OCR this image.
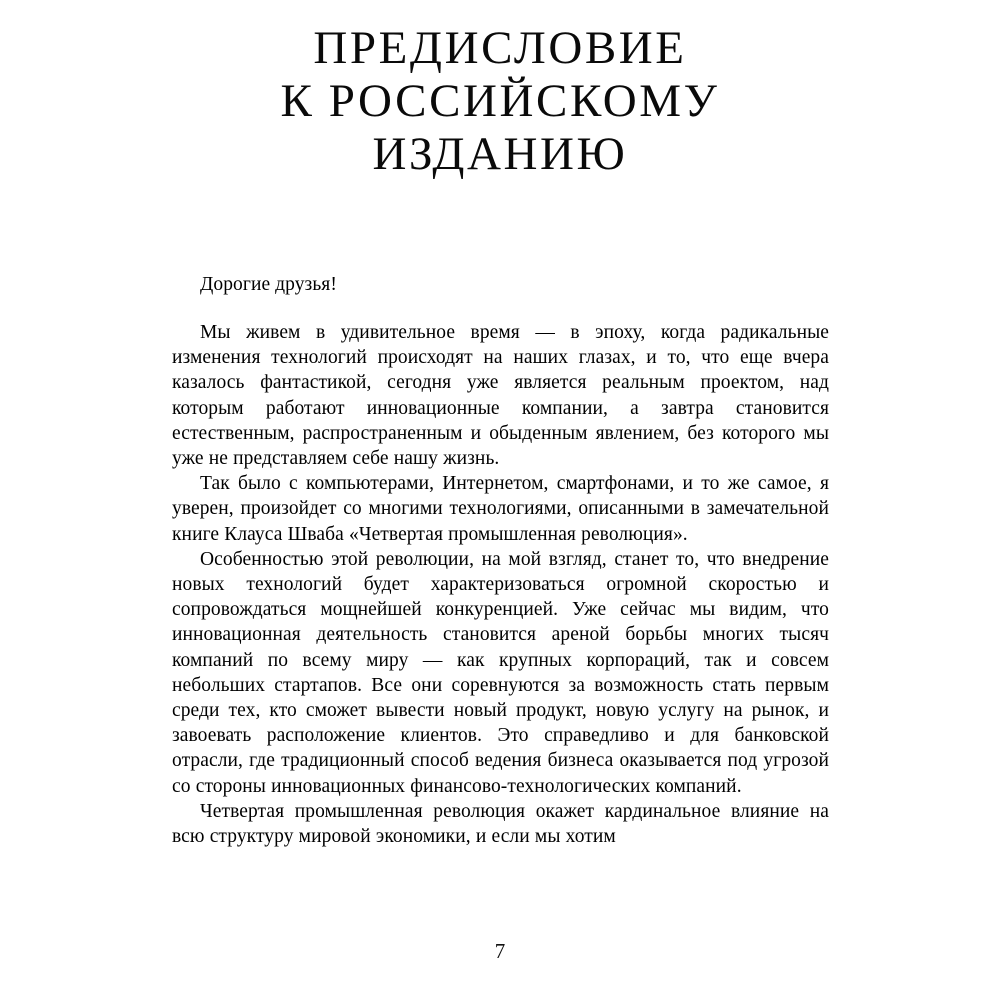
ПРЕДИСЛОВИЕ
К РОССИЙСКОМУ
ИЗДАНИЮ

Дорогие друзья!

Мы живем в удивительное время — в эпоху, когда радикальные изменения технологий происходят на наших глазах, и то, что еще вчера казалось фантастикой, сегодня уже является реальным проектом, над которым работают инновационные компании, а завтра становится естественным, распространенным и обыденным явлением, без которого мы уже не представляем себе нашу жизнь.

Так было с компьютерами, Интернетом, смартфонами, и то же самое, я уверен, произойдет со многими технологиями, описанными в замечательной книге Клауса Шваба «Четвертая промышленная революция».

Особенностью этой революции, на мой взгляд, станет то, что внедрение новых технологий будет характеризоваться огромной скоростью и сопровождаться мощнейшей конкуренцией. Уже сейчас мы видим, что инновационная деятельность становится ареной борьбы многих тысяч компаний по всему миру — как крупных корпораций, так и совсем небольших стартапов. Все они соревнуются за возможность стать первым среди тех, кто сможет вывести новый продукт, новую услугу на рынок, и завоевать расположение клиентов. Это справедливо и для банковской отрасли, где традиционный способ ведения бизнеса оказывается под угрозой со стороны инновационных финансово-технологических компаний.

Четвертая промышленная революция окажет кардинальное влияние на всю структуру мировой экономики, и если мы хотим

7
